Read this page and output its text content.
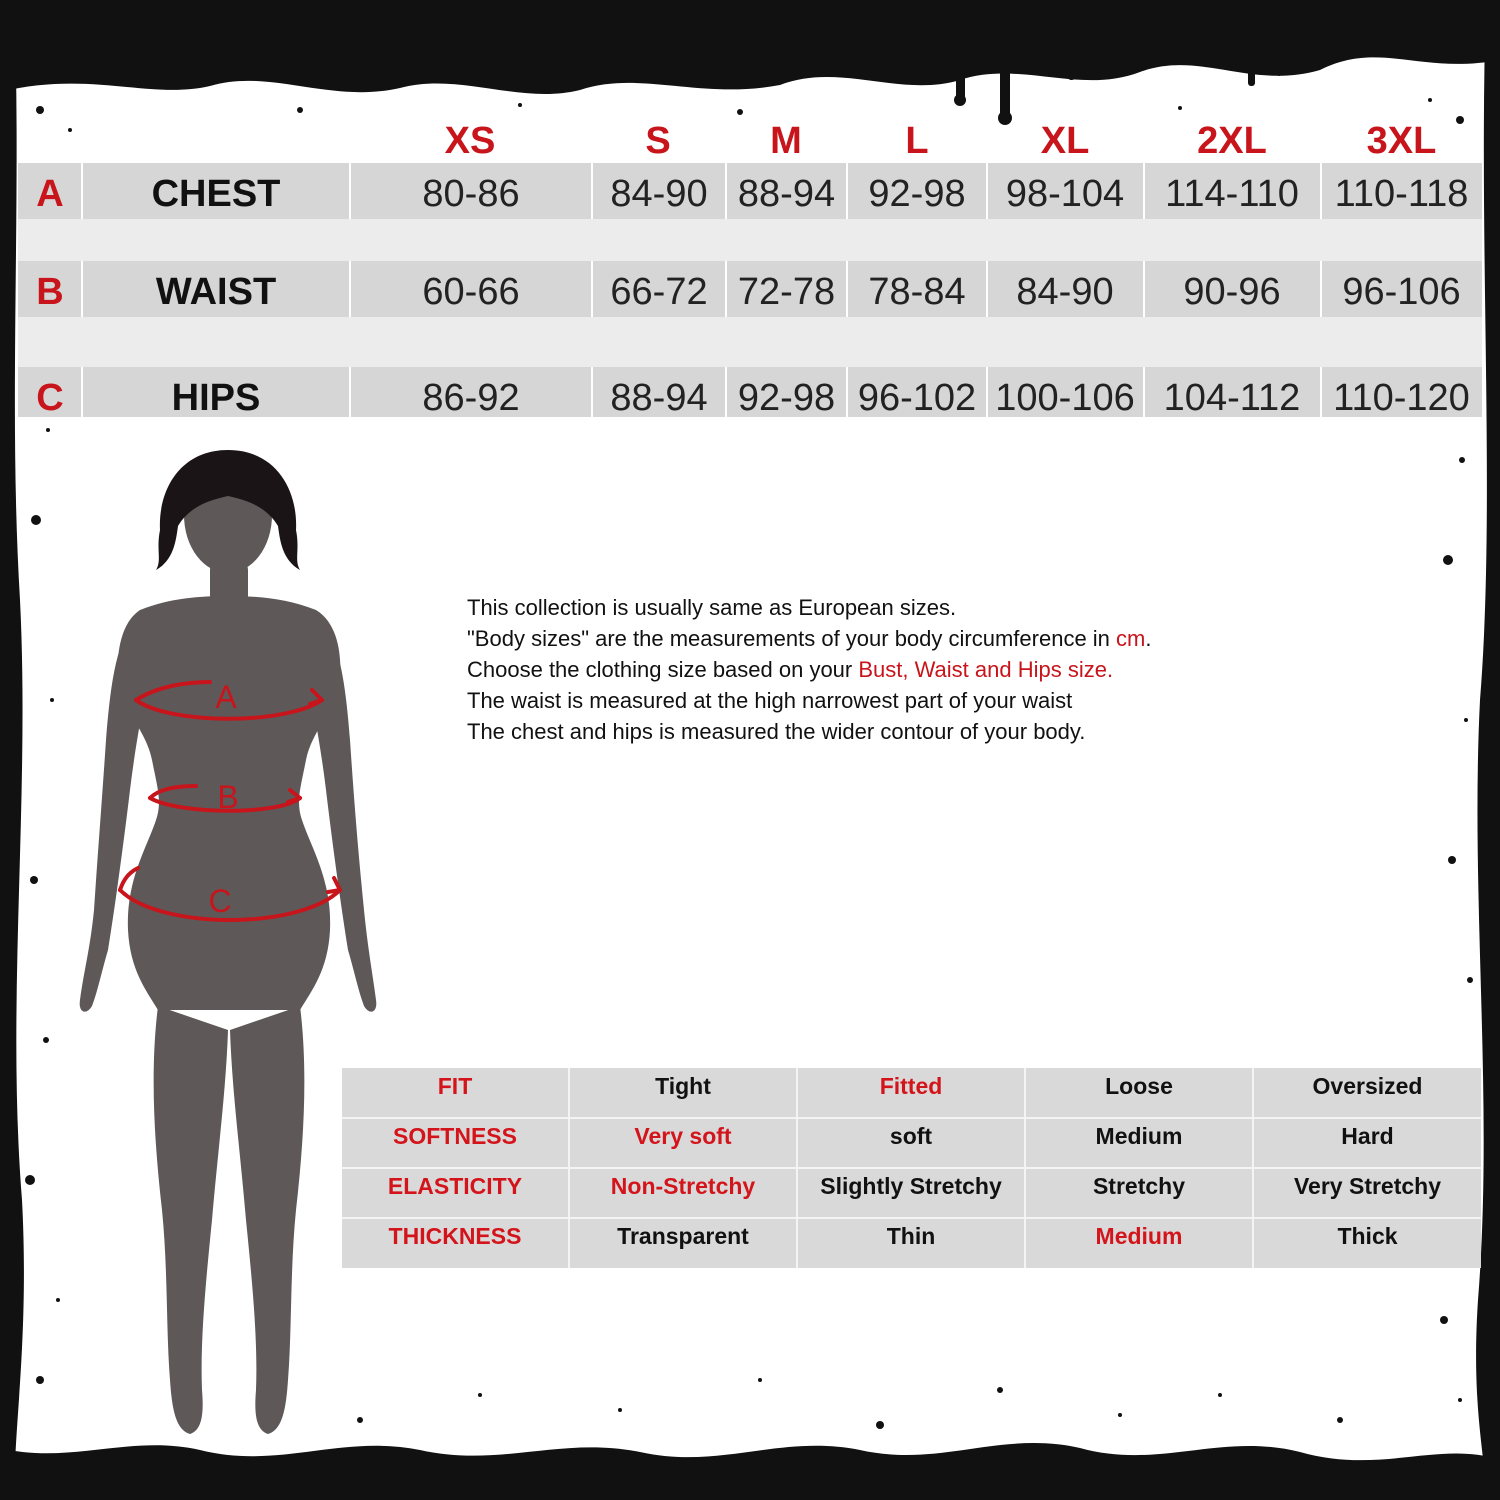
XS	S	M	L	XL	2XL	3XL
A	CHEST	80-86	84-90 88-94 92-98	98-104	114-110 110-118
B	WAIST	60-66	66-72 72-78 78-84	84-90	90-96	96-106
C	HIPS	86-92	88-94 92-98 96-102 100-106 104-112 110-120
A
B
C
This collection is usually same as European sizes.
"Body sizes" are the measurements of your body circumference in cm.
Choose the clothing size based on your Bust, Waist and Hips size.
The waist is measured at the high narrowest part of your waist
The chest and hips is measured the wider contour of your body.
FIT	Tight	Fitted	Loose	Oversized
SOFTNESS	Very soft	soft	Medium	Hard
ELASTICITY	Non-Stretchy	Slightly Stretchy	Stretchy	Very Stretchy
THICKNESS	Transparent	Thin	Medium	Thick
